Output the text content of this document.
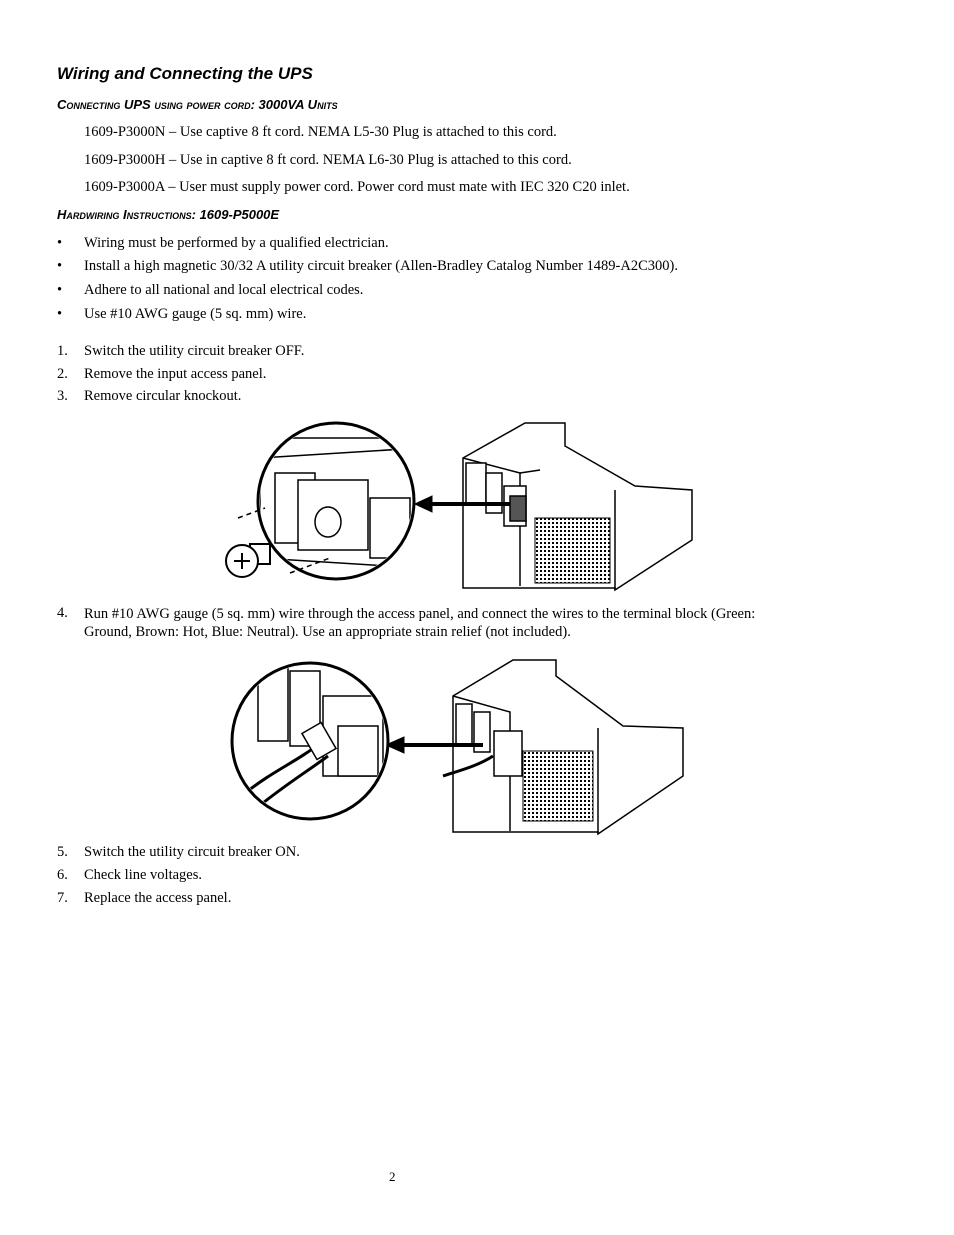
Wiring and Connecting the UPS
Connecting UPS using power cord: 3000VA Units
1609-P3000N – Use captive 8 ft cord. NEMA L5-30 Plug is attached to this cord.
1609-P3000H – Use in captive 8 ft cord. NEMA L6-30 Plug is attached to this cord.
1609-P3000A – User must supply power cord. Power cord must mate with IEC 320 C20 inlet.
Hardwiring Instructions: 1609-P5000E
• Wiring must be performed by a qualified electrician.
• Install a high magnetic 30/32 A utility circuit breaker (Allen-Bradley Catalog Number 1489-A2C300).
• Adhere to all national and local electrical codes.
• Use #10 AWG gauge (5 sq. mm) wire.
1. Switch the utility circuit breaker OFF.
2. Remove the input access panel.
3. Remove circular knockout.
4. Run #10 AWG gauge (5 sq. mm) wire through the access panel, and connect the wires to the terminal block (Green: Ground, Brown: Hot, Blue: Neutral). Use an appropriate strain relief (not included).
5. Switch the utility circuit breaker ON.
6. Check line voltages.
7. Replace the access panel.
2
